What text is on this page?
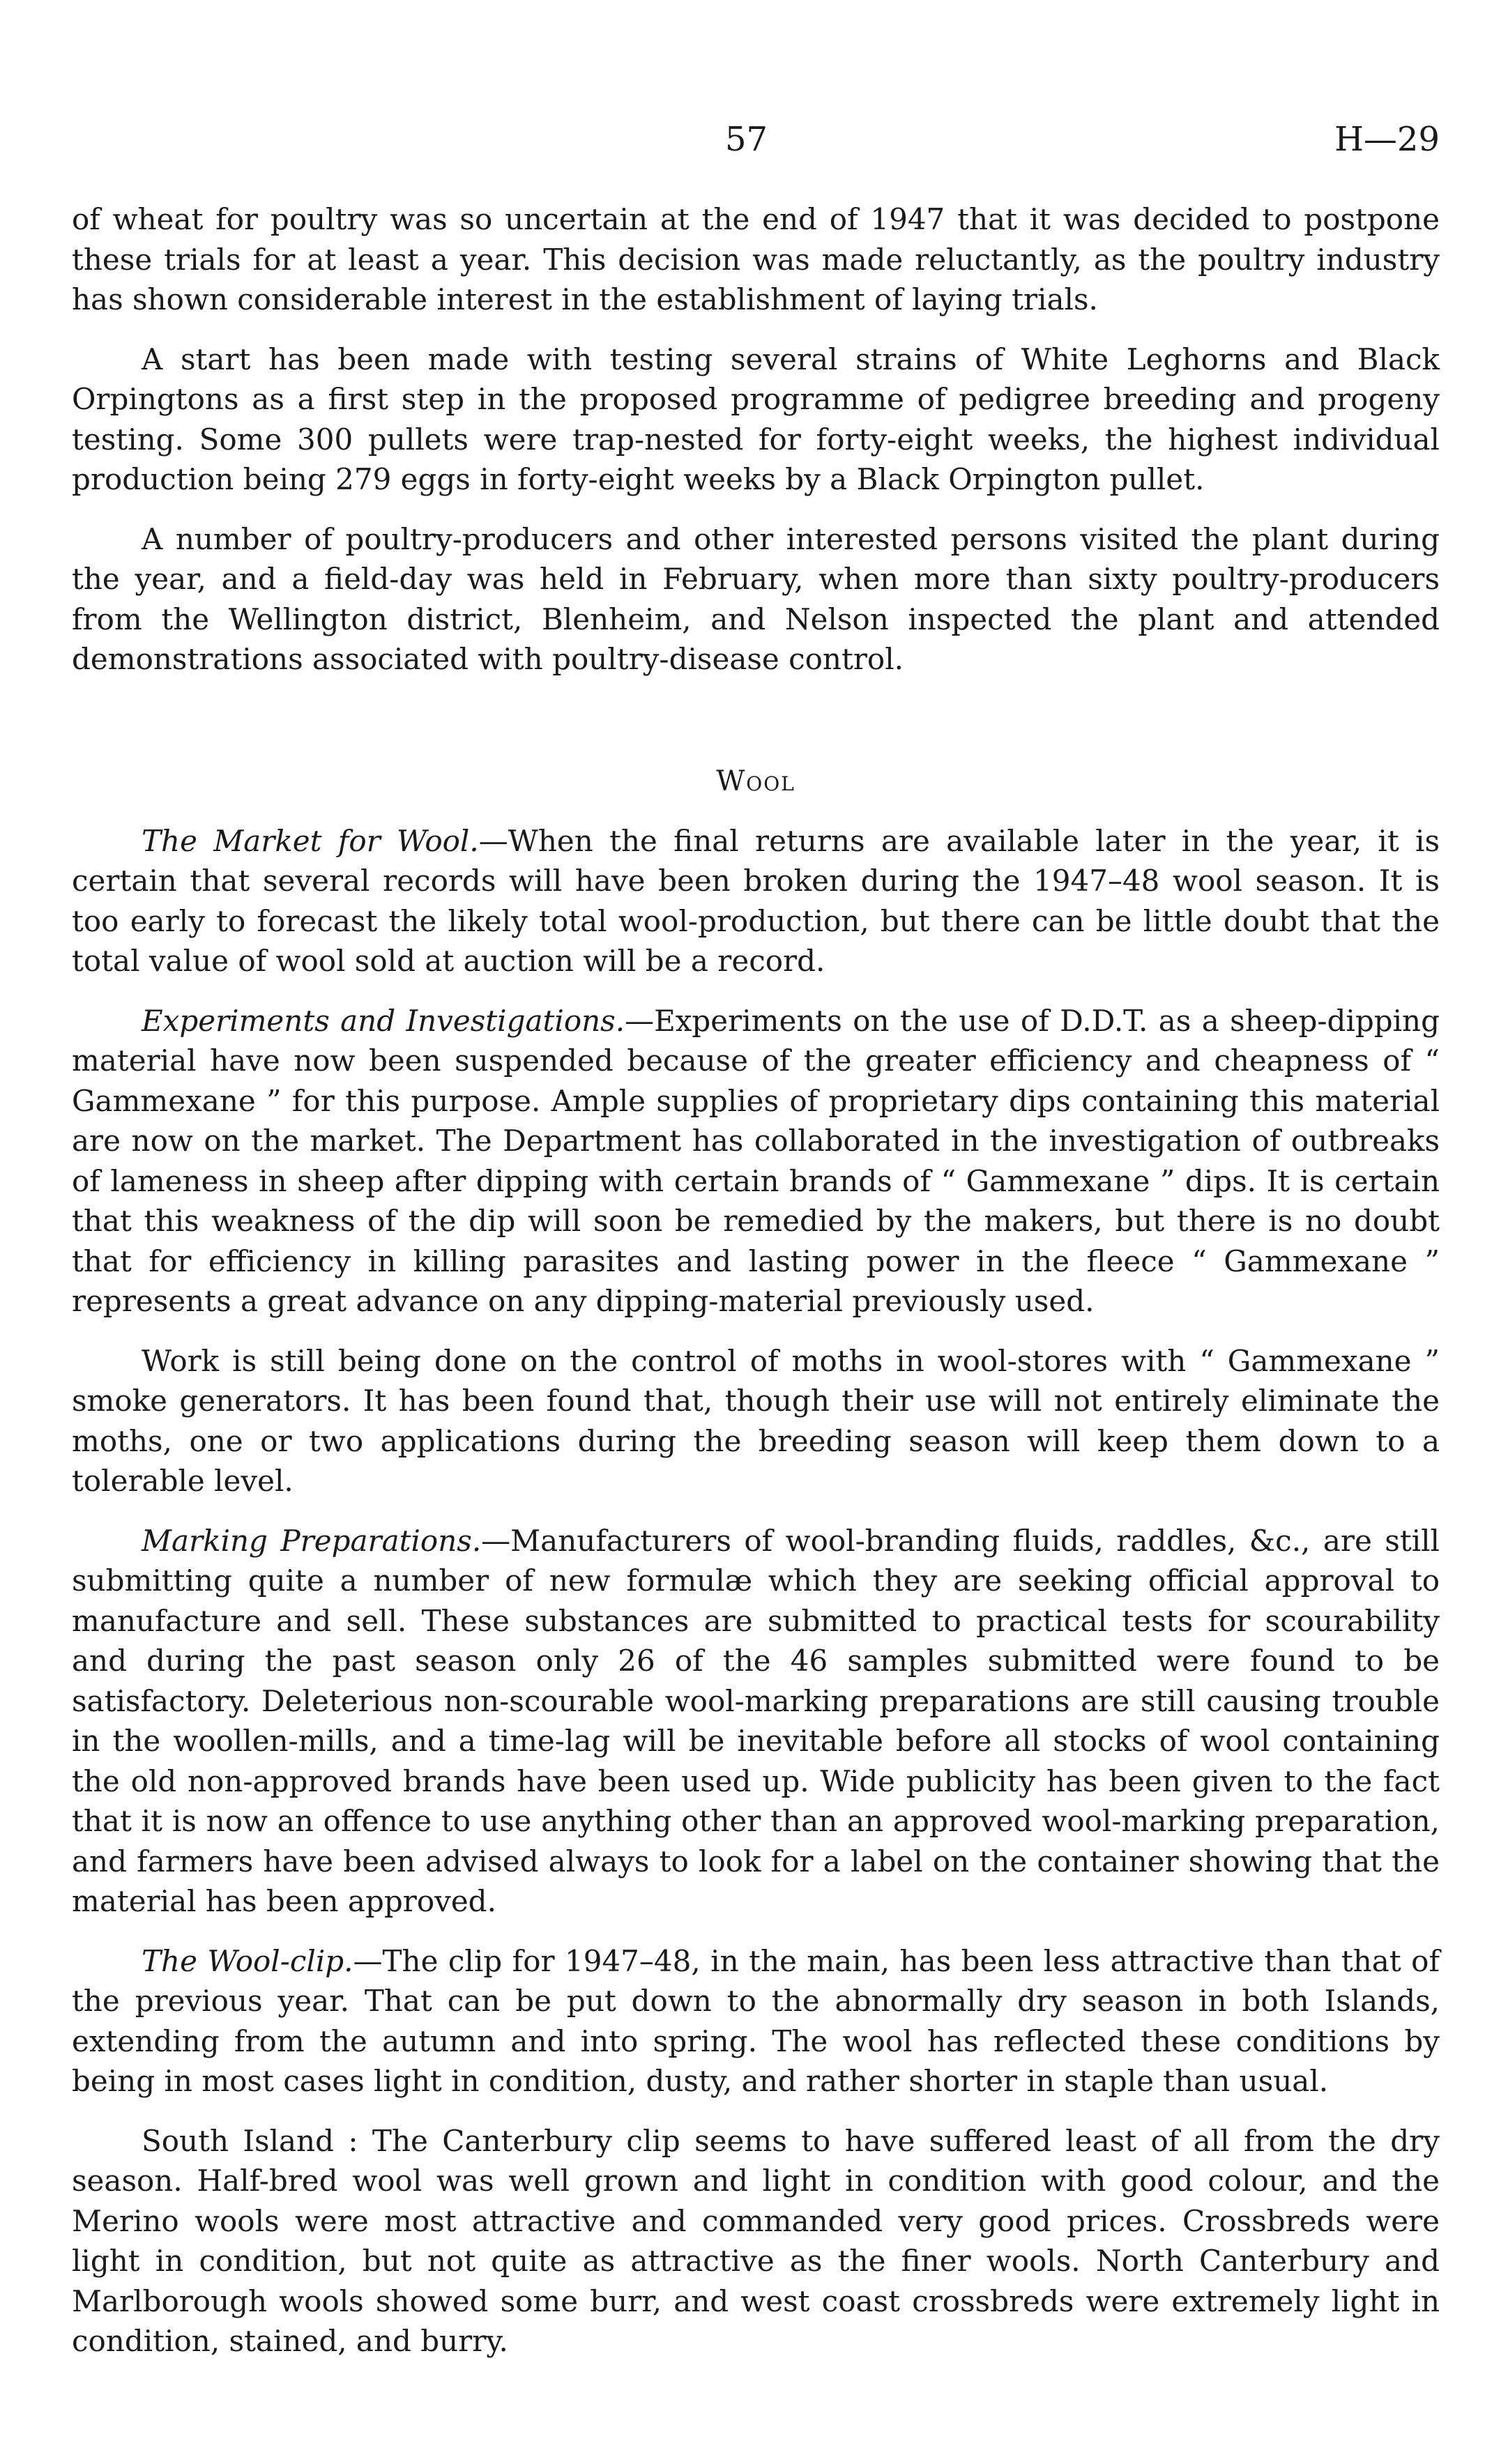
57	H—29

of wheat for poultry was so uncertain at the end of 1947 that it was decided to postpone these trials for at least a year. This decision was made reluctantly, as the poultry industry has shown considerable interest in the establishment of laying trials.

A start has been made with testing several strains of White Leghorns and Black Orpingtons as a first step in the proposed programme of pedigree breeding and progeny testing. Some 300 pullets were trap-nested for forty-eight weeks, the highest individual production being 279 eggs in forty-eight weeks by a Black Orpington pullet.

A number of poultry-producers and other interested persons visited the plant during the year, and a field-day was held in February, when more than sixty poultry-producers from the Wellington district, Blenheim, and Nelson inspected the plant and attended demonstrations associated with poultry-disease control.

Wool

The Market for Wool.—When the final returns are available later in the year, it is certain that several records will have been broken during the 1947–48 wool season. It is too early to forecast the likely total wool-production, but there can be little doubt that the total value of wool sold at auction will be a record.

Experiments and Investigations.—Experiments on the use of D.D.T. as a sheep-dipping material have now been suspended because of the greater efficiency and cheapness of “ Gammexane ” for this purpose. Ample supplies of proprietary dips containing this material are now on the market. The Department has collaborated in the investigation of outbreaks of lameness in sheep after dipping with certain brands of “ Gammexane ” dips. It is certain that this weakness of the dip will soon be remedied by the makers, but there is no doubt that for efficiency in killing parasites and lasting power in the fleece “ Gammexane ” represents a great advance on any dipping-material previously used.

Work is still being done on the control of moths in wool-stores with “ Gammexane ” smoke generators. It has been found that, though their use will not entirely eliminate the moths, one or two applications during the breeding season will keep them down to a tolerable level.

Marking Preparations.—Manufacturers of wool-branding fluids, raddles, &c., are still submitting quite a number of new formulæ which they are seeking official approval to manufacture and sell. These substances are submitted to practical tests for scourability and during the past season only 26 of the 46 samples submitted were found to be satisfactory. Deleterious non-scourable wool-marking preparations are still causing trouble in the woollen-mills, and a time-lag will be inevitable before all stocks of wool containing the old non-approved brands have been used up. Wide publicity has been given to the fact that it is now an offence to use anything other than an approved wool-marking preparation, and farmers have been advised always to look for a label on the container showing that the material has been approved.

The Wool-clip.—The clip for 1947–48, in the main, has been less attractive than that of the previous year. That can be put down to the abnormally dry season in both Islands, extending from the autumn and into spring. The wool has reflected these conditions by being in most cases light in condition, dusty, and rather shorter in staple than usual.

South Island : The Canterbury clip seems to have suffered least of all from the dry season. Half-bred wool was well grown and light in condition with good colour, and the Merino wools were most attractive and commanded very good prices. Crossbreds were light in condition, but not quite as attractive as the finer wools. North Canterbury and Marlborough wools showed some burr, and west coast crossbreds were extremely light in condition, stained, and burry.
